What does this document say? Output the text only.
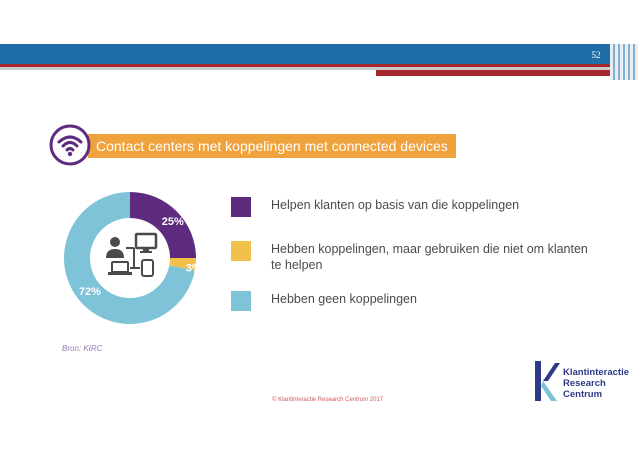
52
Contact centers met koppelingen met connected devices
25%
3%
72%
Helpen klanten op basis van die koppelingen
Hebben koppelingen, maar gebruiken die niet om klanten te helpen
Hebben geen koppelingen
Bron: KIRC
© Klantinteractie Research Centrum 2017
Klantinteractie
Research
Centrum
